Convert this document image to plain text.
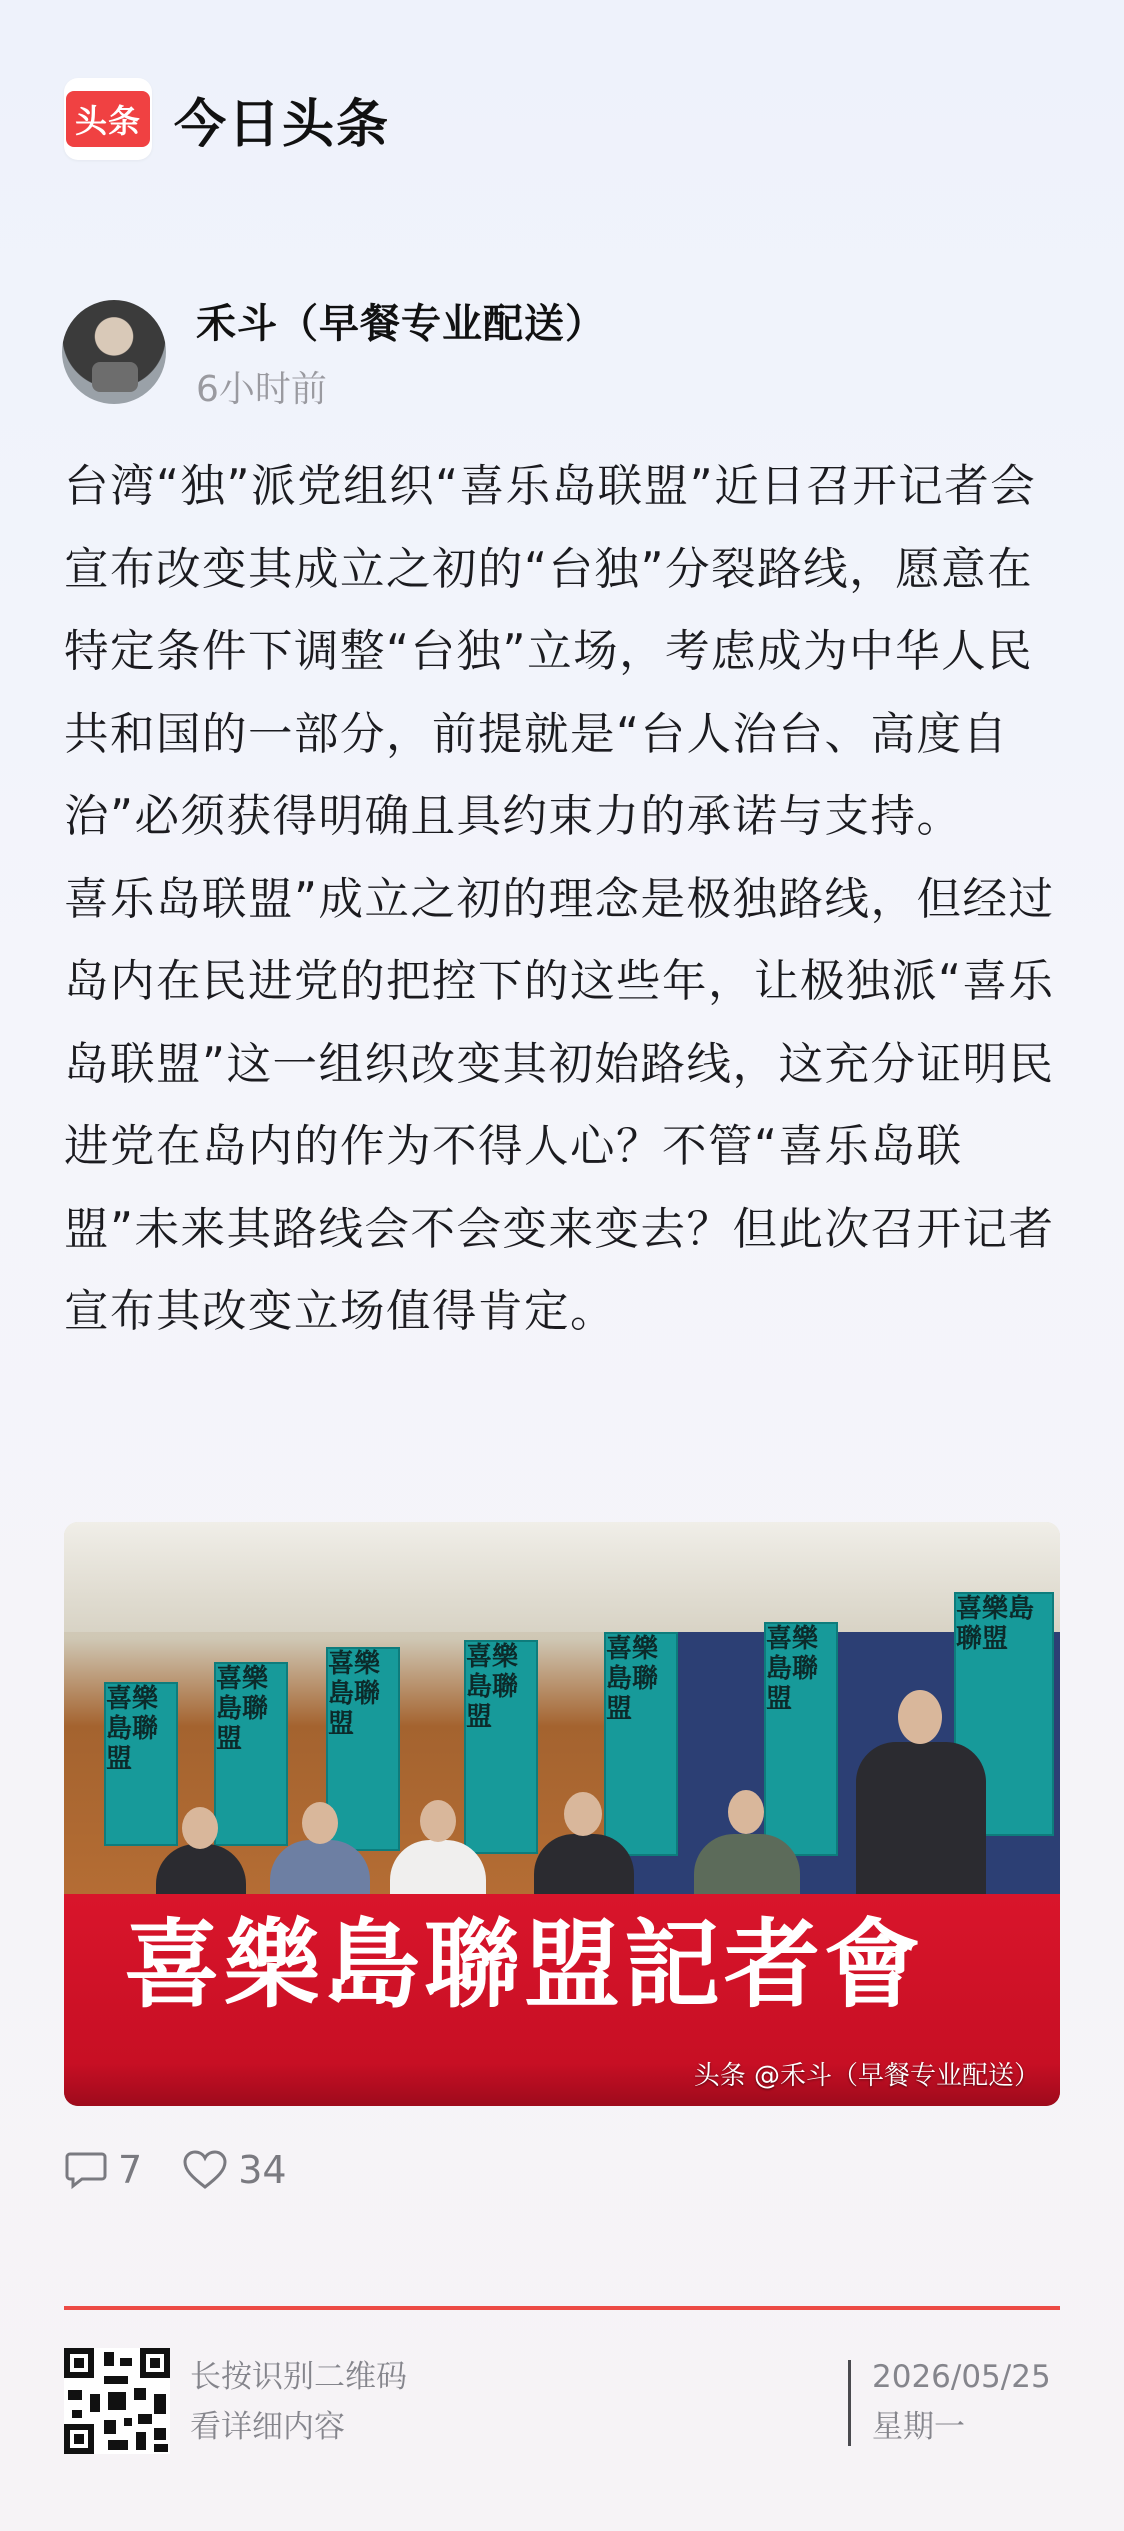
头条 今日头条
禾斗（早餐专业配送）
6小时前

台湾“独”派党组织“喜乐岛联盟”近日召开记者会宣布改变其成立之初的“台独”分裂路线，愿意在特定条件下调整“台独”立场，考虑成为中华人民共和国的一部分，前提就是“台人治台、高度自治”必须获得明确且具约束力的承诺与支持。

喜乐岛联盟”成立之初的理念是极独路线，但经过岛内在民进党的把控下的这些年，让极独派“喜乐岛联盟”这一组织改变其初始路线，这充分证明民进党在岛内的作为不得人心？不管“喜乐岛联盟”未来其路线会不会变来变去？但此次召开记者宣布其改变立场值得肯定。

喜樂島聯盟
喜樂島聯盟
喜樂島聯盟
喜樂島聯盟
喜樂島聯盟
喜樂島聯盟
喜樂島聯盟
喜樂島聯盟記者會
头条 @禾斗（早餐专业配送）
7	34
长按识别二维码
看详细内容
2026/05/25
星期一
